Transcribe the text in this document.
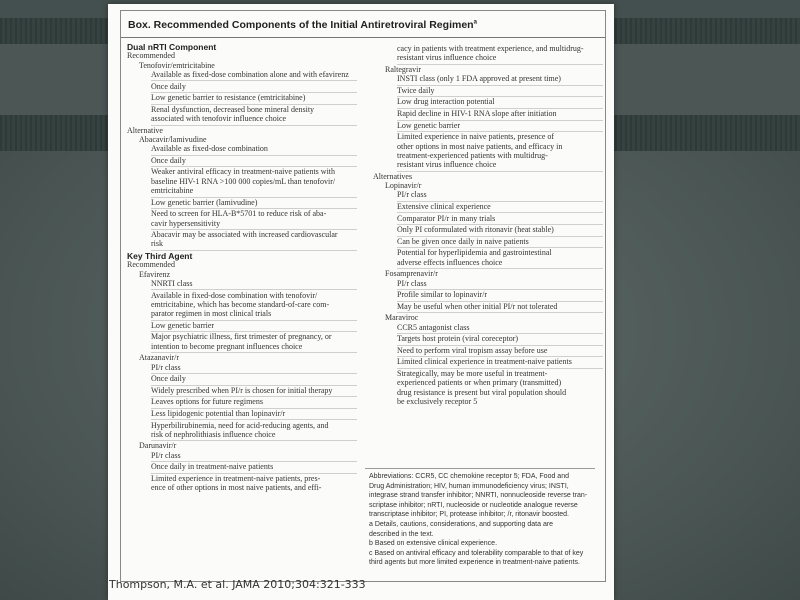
Box. Recommended Components of the Initial Antiretroviral Regimen$^a$
Dual nRTI Component
Recommended
Tenofovir/emtricitabine
Available as fixed-dose combination alone and with efavirenz
Once daily
Low genetic barrier to resistance (emtricitabine)
Renal dysfunction, decreased bone mineral density
associated with tenofovir influence choice
Alternative
Abacavir/lamivudine
Available as fixed-dose combination
Once daily
Weaker antiviral efficacy in treatment-naive patients with
baseline HIV-1 RNA >100 000 copies/mL than tenofovir/
emtricitabine
Low genetic barrier (lamivudine)
Need to screen for HLA-B*5701 to reduce risk of aba-
cavir hypersensitivity
Abacavir may be associated with increased cardiovascular
risk
Key Third Agent
Recommended
Efavirenz
NNRTI class
Available in fixed-dose combination with tenofovir/
emtricitabine, which has become standard-of-care com-
parator regimen in most clinical trials
Low genetic barrier
Major psychiatric illness, first trimester of pregnancy, or
intention to become pregnant influences choice
Atazanavir/r
PI/r class
Once daily
Widely prescribed when PI/r is chosen for initial therapy
Leaves options for future regimens
Less lipidogenic potential than lopinavir/r
Hyperbilirubinemia, need for acid-reducing agents, and
risk of nephrolithiasis influence choice
Darunavir/r
PI/r class
Once daily in treatment-naive patients
Limited experience in treatment-naive patients, pres-
ence of other options in most naive patients, and effi-
cacy in patients with treatment experience, and multidrug-
resistant virus influence choice
Raltegravir
INSTI class (only 1 FDA approved at present time)
Twice daily
Low drug interaction potential
Rapid decline in HIV-1 RNA slope after initiation
Low genetic barrier
Limited experience in naive patients, presence of
other options in most naive patients, and efficacy in
treatment-experienced patients with multidrug-
resistant virus influence choice
Alternatives
Lopinavir/r
PI/r class
Extensive clinical experience
Comparator PI/r in many trials
Only PI coformulated with ritonavir (heat stable)
Can be given once daily in naive patients
Potential for hyperlipidemia and gastrointestinal
adverse effects influences choice
Fosamprenavir/r
PI/r class
Profile similar to lopinavir/r
May be useful when other initial PI/r not tolerated
Maraviroc
CCR5 antagonist class
Targets host protein (viral coreceptor)
Need to perform viral tropism assay before use
Limited clinical experience in treatment-naive patients
Strategically, may be more useful in treatment-
experienced patients or when primary (transmitted)
drug resistance is present but viral population should
be exclusively receptor 5
Abbreviations: CCR5, CC chemokine receptor 5; FDA, Food and
Drug Administration; HIV, human immunodeficiency virus; INSTI,
integrase strand transfer inhibitor; NNRTI, nonnucleoside reverse tran-
scriptase inhibitor; nRTI, nucleoside or nucleotide analogue reverse
transcriptase inhibitor; PI, protease inhibitor; /r, ritonavir boosted.
a Details, cautions, considerations, and supporting data are
described in the text.
b Based on extensive clinical experience.
c Based on antiviral efficacy and tolerability comparable to that of key
third agents but more limited experience in treatment-naive patients.
Thompson, M.A. et al. JAMA 2010;304:321-333
